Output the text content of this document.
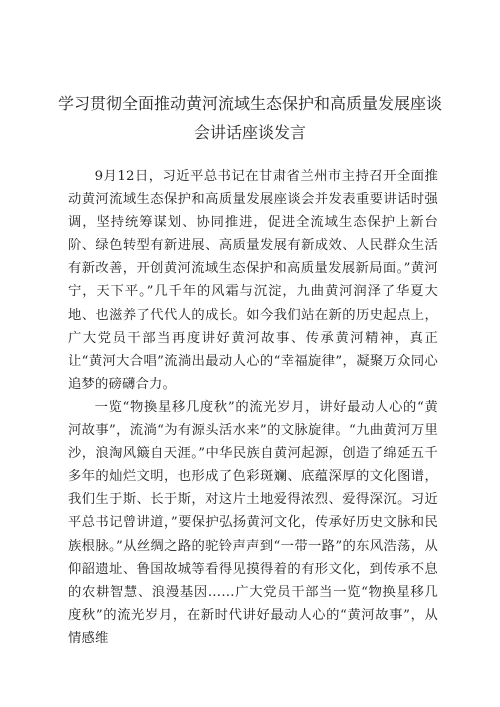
学习贯彻全面推动黄河流域生态保护和高质量发展座谈
会讲话座谈发言

9月12日，习近平总书记在甘肃省兰州市主持召开全面推动黄河流域生态保护和高质量发展座谈会并发表重要讲话时强调，坚持统筹谋划、协同推进，促进全流域生态保护上新台阶、绿色转型有新进展、高质量发展有新成效、人民群众生活有新改善，开创黄河流域生态保护和高质量发展新局面。”黄河宁，天下平。”几千年的风霜与沉淀，九曲黄河润泽了华夏大地、也滋养了代代人的成长。如今我们站在新的历史起点上，广大党员干部当再度讲好黄河故事、传承黄河精神，真正让“黄河大合唱”流淌出最动人心的“幸福旋律”，凝聚万众同心追梦的磅礴合力。

一览“物換星移几度秋”的流光岁月，讲好最动人心的“黄河故事”，流淌“为有源头活水来”的文脉旋律。“九曲黄河万里沙，浪淘风簸自天涯。”中华民族自黄河起源，创造了绵延五千多年的灿烂文明，也形成了色彩斑斓、底蕴深厚的文化图谱，我们生于斯、长于斯，对这片土地爱得浓烈、爱得深沉。习近平总书记曾讲道，”要保护弘扬黄河文化，传承好历史文脉和民族根脉。”从丝绸之路的驼铃声声到“一带一路”的东风浩荡，从仰韶遗址、鲁国故城等看得见摸得着的有形文化，到传承不息的农耕智慧、浪漫基因……广大党员干部当一览“物换星移几度秋”的流光岁月，在新时代讲好最动人心的“黄河故事”，从情感维
